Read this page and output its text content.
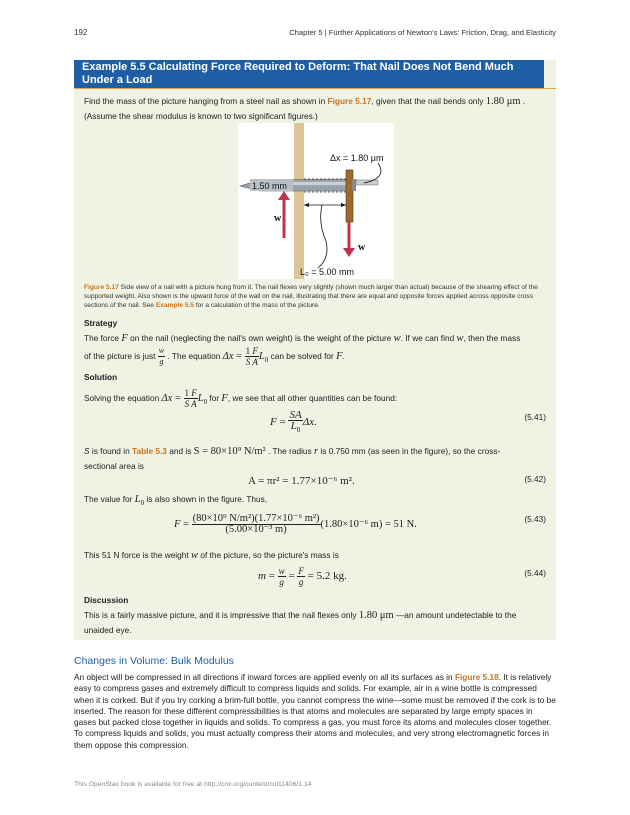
192	Chapter 5 | Further Applications of Newton's Laws: Friction, Drag, and Elasticity
Example 5.5 Calculating Force Required to Deform: That Nail Does Not Bend Much Under a Load
Find the mass of the picture hanging from a steel nail as shown in Figure 5.17, given that the nail bends only 1.80 μm .
(Assume the shear modulus is known to two significant figures.)
1.50 mm
Δx = 1.80 μm
w
w
L₀ = 5.00 mm
Figure 5.17 Side view of a nail with a picture hung from it. The nail flexes very slightly (shown much larger than actual) because of the shearing effect of the supported weight. Also shown is the upward force of the wall on the nail, illustrating that there are equal and opposite forces applied across opposite cross sections of the nail. See Example 5.5 for a calculation of the mass of the picture.
Strategy
The force F on the nail (neglecting the nail's own weight) is the weight of the picture w. If we can find w, then the mass
of the picture is just $\frac{w}{g}$ . The equation $\Delta x = \frac{1 F}{\text{S A}} L_0$ can be solved for F.
Solution
Solving the equation $\Delta x = \frac{1 F}{\text{S A}} L_0$ for F, we see that all other quantities can be found:
$F = \frac{SA}{L_0} \Delta x$.	(5.41)
S is found in Table 5.3 and is S = 80×10⁹ N/m² . The radius r is 0.750 mm (as seen in the figure), so the cross-
sectional area is
A = πr² = 1.77×10⁻⁶ m².	(5.42)
The value for $L_0$ is also shown in the figure. Thus,
$F = \frac{\text{(80×10⁹ N/m²)(1.77×10⁻⁶ m²)}}{\text{(5.00×10⁻³ m)}} (1.80\times 10^{-6}$ m) = 51 N.	(5.43)
This 51 N force is the weight w of the picture, so the picture's mass is
$m = \frac{w}{g} = \frac{F}{g} = 5.2$ kg.	(5.44)
Discussion
This is a fairly massive picture, and it is impressive that the nail flexes only 1.80 μm —an amount undetectable to the
unaided eye.
Changes in Volume: Bulk Modulus
An object will be compressed in all directions if inward forces are applied evenly on all its surfaces as in Figure 5.18. It is relatively easy to compress gases and extremely difficult to compress liquids and solids. For example, air in a wine bottle is compressed when it is corked. But if you try corking a brim-full bottle, you cannot compress the wine—some must be removed if the cork is to be inserted. The reason for these different compressibilities is that atoms and molecules are separated by large empty spaces in gases but packed close together in liquids and solids. To compress a gas, you must force its atoms and molecules closer together. To compress liquids and solids, you must actually compress their atoms and molecules, and very strong electromagnetic forces in them oppose this compression.
This OpenStax book is available for free at http://cnx.org/content/col11406/1.14
